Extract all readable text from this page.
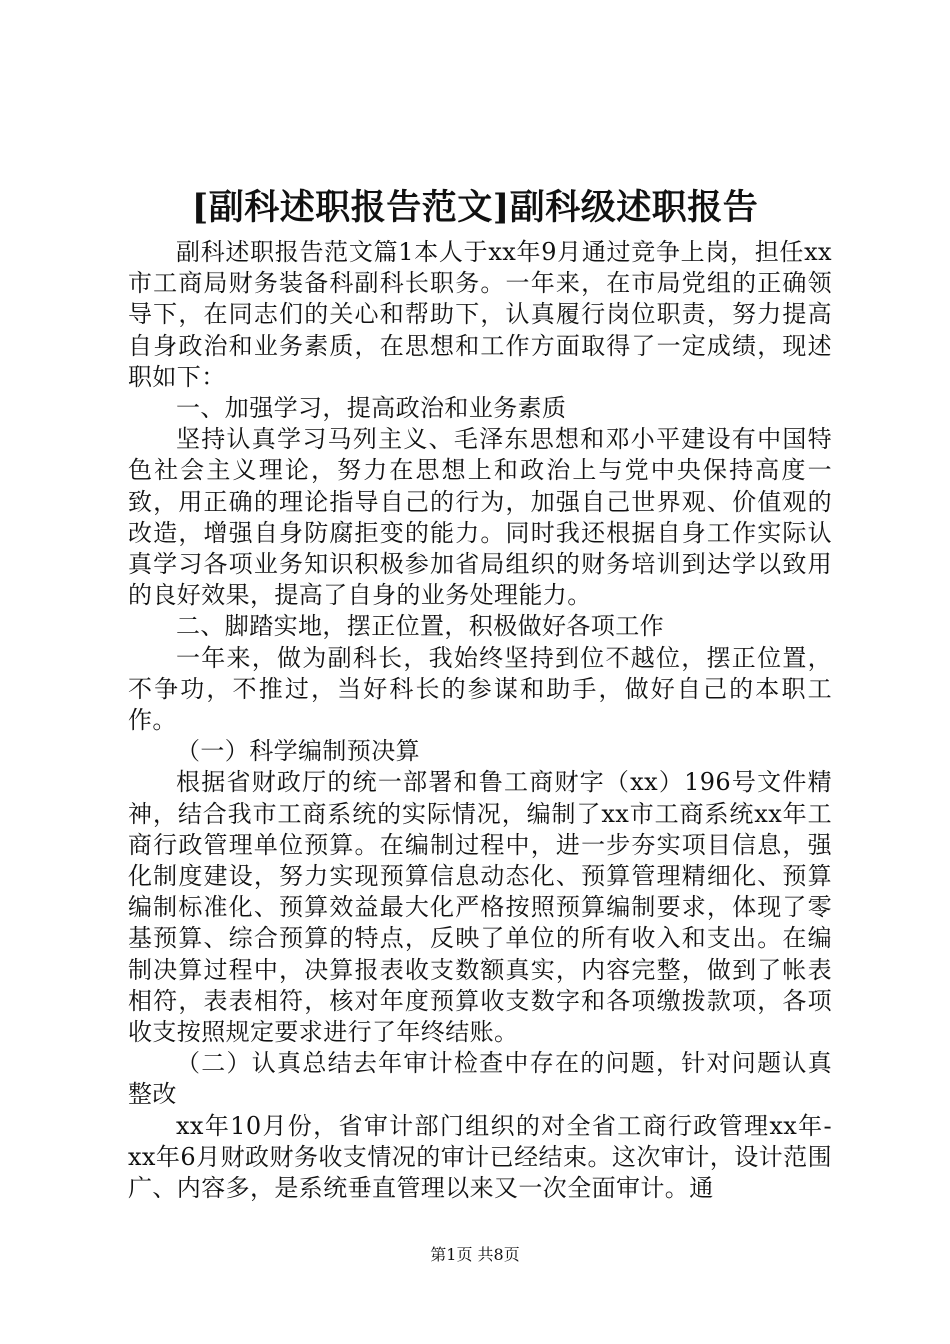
[副科述职报告范文]副科级述职报告

副科述职报告范文篇1本人于xx年9月通过竞争上岗，担任xx市工商局财务装备科副科长职务。一年来，在市局党组的正确领导下，在同志们的关心和帮助下，认真履行岗位职责，努力提高自身政治和业务素质，在思想和工作方面取得了一定成绩，现述职如下：

一、加强学习，提高政治和业务素质

坚持认真学习马列主义、毛泽东思想和邓小平建设有中国特色社会主义理论，努力在思想上和政治上与党中央保持高度一致，用正确的理论指导自己的行为，加强自己世界观、价值观的改造，增强自身防腐拒变的能力。同时我还根据自身工作实际认真学习各项业务知识积极参加省局组织的财务培训到达学以致用的良好效果，提高了自身的业务处理能力。

二、脚踏实地，摆正位置，积极做好各项工作

一年来，做为副科长，我始终坚持到位不越位，摆正位置，不争功，不推过，当好科长的参谋和助手，做好自己的本职工作。

（一）科学编制预决算

根据省财政厅的统一部署和鲁工商财字（xx）196号文件精神，结合我市工商系统的实际情况，编制了xx市工商系统xx年工商行政管理单位预算。在编制过程中，进一步夯实项目信息，强化制度建设，努力实现预算信息动态化、预算管理精细化、预算编制标准化、预算效益最大化严格按照预算编制要求，体现了零基预算、综合预算的特点，反映了单位的所有收入和支出。在编制决算过程中，决算报表收支数额真实，内容完整，做到了帐表相符，表表相符，核对年度预算收支数字和各项缴拨款项，各项收支按照规定要求进行了年终结账。

（二）认真总结去年审计检查中存在的问题，针对问题认真整改

xx年10月份，省审计部门组织的对全省工商行政管理xx年-xx年6月财政财务收支情况的审计已经结束。这次审计，设计范围广、内容多，是系统垂直管理以来又一次全面审计。通

第1页 共8页
